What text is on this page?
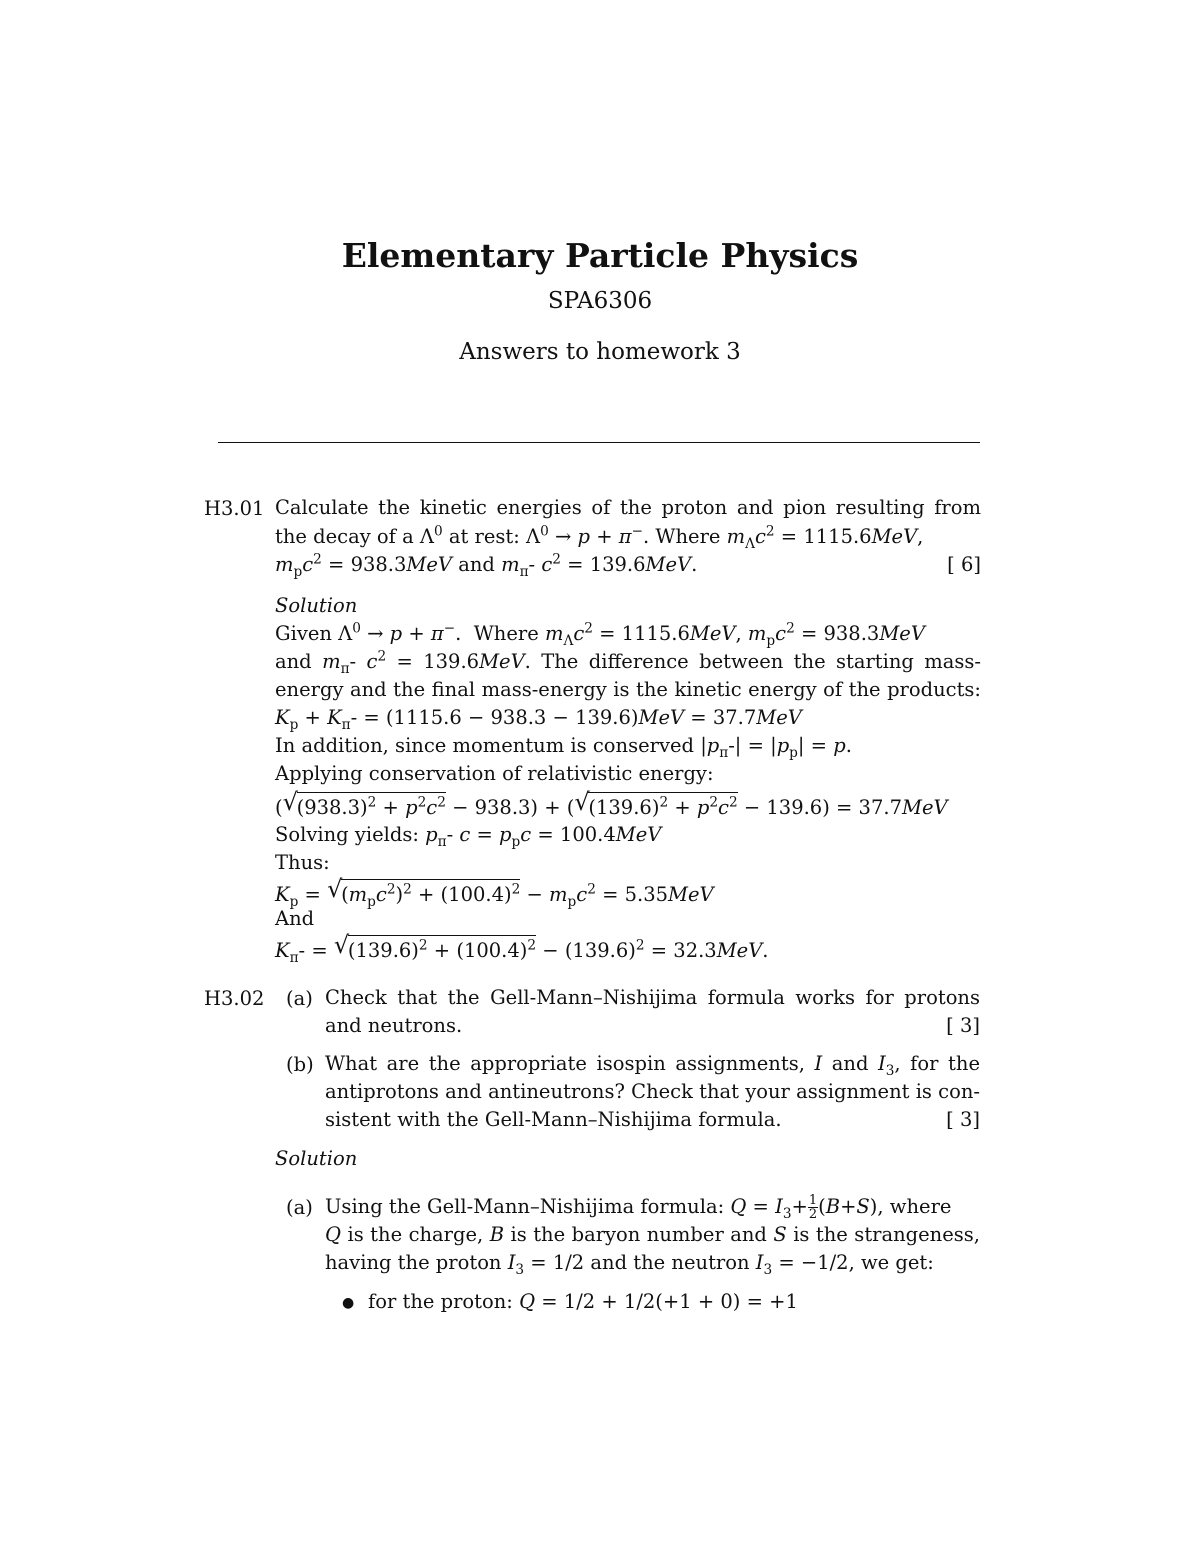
Elementary Particle Physics
SPA6306
Answers to homework 3
H3.01 Calculate the kinetic energies of the proton and pion resulting from
the decay of a $\Lambda^0$ at rest: $\Lambda^0 \to p + \pi^-$. Where $m_\Lambda c^2 = 1115.6MeV$,
$m_pc^2 = 938.3MeV$ and $m_\pi-$ $c^2 = 139.6MeV$.	[ 6]
Solution
Given $\Lambda^0 \to p + \pi^-$.  Where $m_\Lambda c^2 = 1115.6MeV$, $m_pc^2 = 938.3MeV$
and $m_\pi-$ $c^2 = 139.6MeV$. The difference between the starting mass-
energy and the final mass-energy is the kinetic energy of the products:
$K_p + K_\pi- = (1115.6 - 938.3 - 139.6)MeV = 37.7MeV$
In addition, since momentum is conserved $|p_\pi-| = |p_p| = p$.
Applying conservation of relativistic energy:
( √
$(938.3)^2 + p^2c^2 - 938.3$) + ( √
$(139.6)^2 + p^2c^2 - 139.6) = 37.7MeV$
Solving yields: $p_\pi-$ $c = p_pc = 100.4MeV$
Thus:
$K_p$ = √
$(m_pc^2)^2 + (100.4)^2 - m_pc^2 = 5.35MeV$
And
$K_\pi-$ = √
$(139.6)^2 + (100.4)^2 - (139.6)^2 = 32.3MeV$.
H3.02 (a) Check that the Gell-Mann–Nishijima formula works for protons
and neutrons.	[ 3]
(b) What are the appropriate isospin assignments, I and $I_3$, for the
antiprotons and antineutrons? Check that your assignment is con-
sistent with the Gell-Mann–Nishijima formula.	[ 3]
Solution
(a) Using the Gell-Mann–Nishijima formula: $Q = I_3+ \frac{1}{2} (B+S)$, where
Q is the charge, B is the baryon number and S is the strangeness,
having the proton $I_3 = 1/2$ and the neutron $I_3 = -1/2$, we get:
● for the proton: Q = 1/2 + 1/2(+1 + 0) = +1
